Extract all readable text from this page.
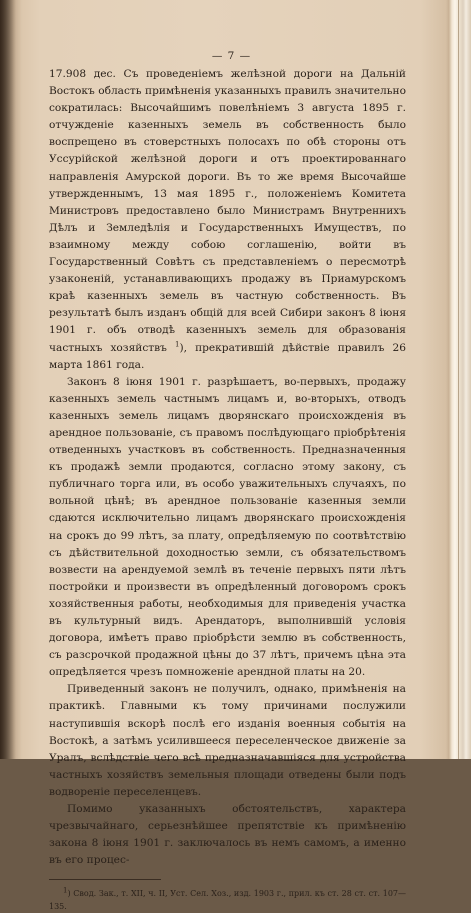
— 7 —

17.908 дес. Съ проведенiемъ желѣзной дороги на Дальнiй Востокъ область примѣненiя указанныхъ правилъ значительно сократилась: Высочайшимъ повелѣнiемъ 3 августа 1895 г. отчужденiе казенныхъ земель въ собственность было воспрещено въ стоверстныхъ полосахъ по обѣ стороны отъ Уссурiйской желѣзной дороги и отъ проектированнаго направленiя Амурской дороги. Въ то же время Высочайше утвержденнымъ, 13 мая 1895 г., положенiемъ Комитета Министровъ предоставлено было Министрамъ Внутреннихъ Дѣлъ и Земледѣлiя и Государственныхъ Имуществъ, по взаимному между собою соглашенiю, войти въ Государственный Совѣтъ съ представленiемъ о пересмотрѣ узаконенiй, устанавливающихъ продажу въ Приамурскомъ краѣ казенныхъ земель въ частную собственность. Въ результатѣ былъ изданъ общiй для всей Сибири законъ 8 iюня 1901 г. объ отводѣ казенныхъ земель для образованiя частныхъ хозяйствъ $^1$), прекратившiй дѣйствiе правилъ 26 марта 1861 года.

Законъ 8 iюня 1901 г. разрѣшаетъ, во-первыхъ, продажу казенныхъ земель частнымъ лицамъ и, во-вторыхъ, отводъ казенныхъ земель лицамъ дворянскаго происхожденiя въ арендное пользованiе, съ правомъ послѣдующаго прiобрѣтенiя отведенныхъ участковъ въ собственность. Предназначенныя къ продажѣ земли продаются, согласно этому закону, съ публичнаго торга или, въ особо уважительныхъ случаяхъ, по вольной цѣнѣ; въ арендное пользованiе казенныя земли сдаются исключительно лицамъ дворянскаго происхожденiя на срокъ до 99 лѣтъ, за плату, опредѣляемую по соотвѣтствiю съ дѣйствительной доходностью земли, съ обязательствомъ возвести на арендуемой землѣ въ теченiе первыхъ пяти лѣтъ постройки и произвести въ опредѣленный договоромъ срокъ хозяйственныя работы, необходимыя для приведенiя участка въ культурный видъ. Арендаторъ, выполнившiй условiя договора, имѣетъ право прiобрѣсти землю въ собственность, съ разсрочкой продажной цѣны до 37 лѣтъ, причемъ цѣна эта опредѣляется чрезъ помноженiе арендной платы на 20.

Приведенный законъ не получилъ, однако, примѣненiя на практикѣ. Главными къ тому причинами послужили наступившiя вскорѣ послѣ его изданiя военныя событiя на Востокѣ, а затѣмъ усилившееся переселенческое движенiе за Уралъ, вслѣдствiе чего всѣ предназначавшiяся для устройства частныхъ хозяйствъ земельныя площади отведены были подъ водворенiе переселенцевъ.

Помимо указанныхъ обстоятельствъ, характера чрезвычайнаго, серьезнѣйшее препятствiе къ примѣненiю закона 8 iюня 1901 г. заключалось въ немъ самомъ, а именно въ его процес-

$^1$) Свод. Зак., т. XII, ч. II, Уст. Сел. Хоз., изд. 1903 г., прил. къ ст. 28 ст. ст. 107—135.
